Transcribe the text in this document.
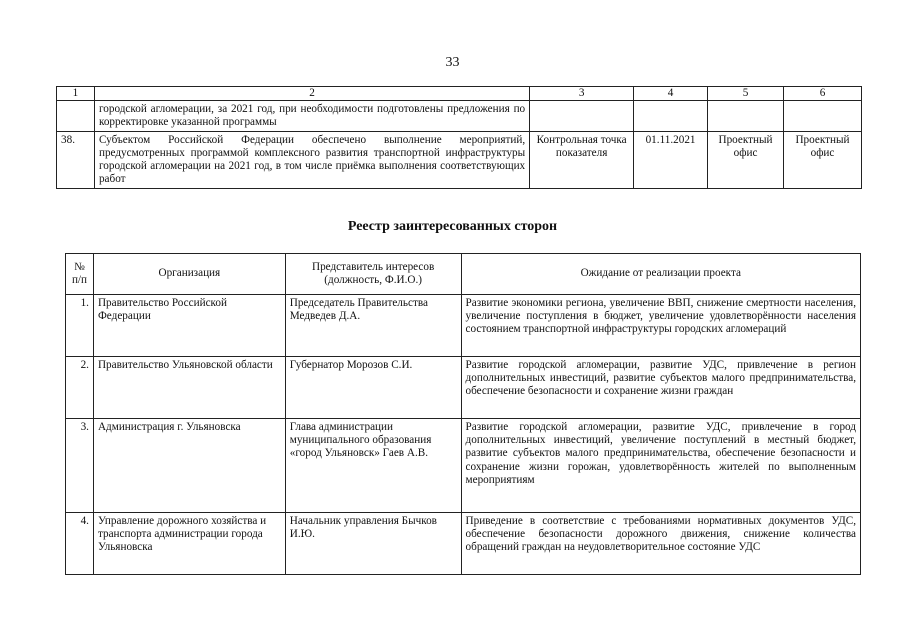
33
1	2	3	4	5	6
	городской агломерации, за 2021 год, при необходимости подготовлены предложения по корректировке указанной программы				
38.	Субъектом Российской Федерации обеспечено выполнение мероприятий, предусмотренных программой комплексного развития транспортной инфраструктуры городской агломерации на 2021 год, в том числе приёмка выполнения соответствующих работ	Контрольная точка показателя	01.11.2021	Проектный офис	Проектный офис
Реестр заинтересованных сторон
№ п/п	Организация	Представитель интересов (должность, Ф.И.О.)	Ожидание от реализации проекта
1.	Правительство Российской Федерации	Председатель Правительства Медведев Д.А.	Развитие экономики региона, увеличение ВВП, снижение смертности населения, увеличение поступления в бюджет, увеличение удовлетворённости населения состоянием транспортной инфраструктуры городских агломераций
2.	Правительство Ульяновской области	Губернатор Морозов С.И.	Развитие городской агломерации, развитие УДС, привлечение в регион дополнительных инвестиций, развитие субъектов малого предпринимательства, обеспечение безопасности и сохранение жизни граждан
3.	Администрация г. Ульяновска	Глава администрации муниципального образования «город Ульяновск» Гаев А.В.	Развитие городской агломерации, развитие УДС, привлечение в город дополнительных инвестиций, увеличение поступлений в местный бюджет, развитие субъектов малого предпринимательства, обеспечение безопасности и сохранение жизни горожан, удовлетворённость жителей по выполненным мероприятиям
4.	Управление дорожного хозяйства и транспорта администрации города Ульяновска	Начальник управления Бычков И.Ю.	Приведение в соответствие с требованиями нормативных документов УДС, обеспечение безопасности дорожного движения, снижение количества обращений граждан на неудовлетворительное состояние УДС
